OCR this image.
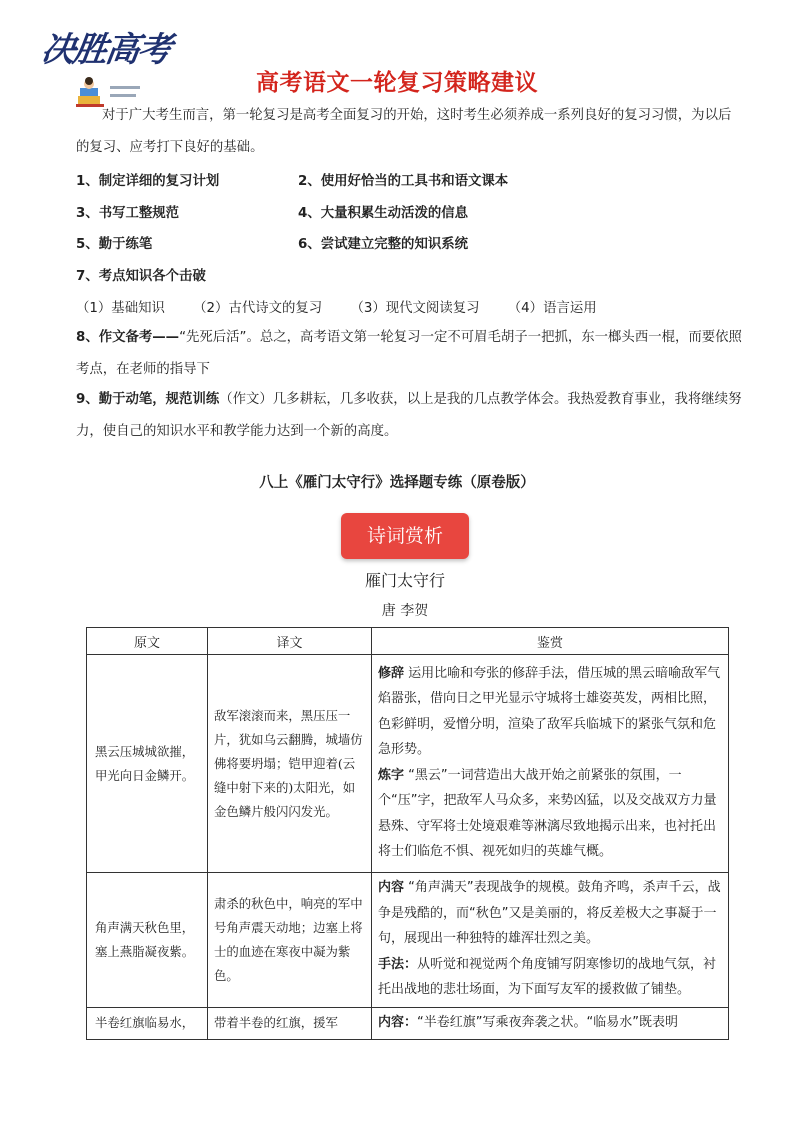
决胜高考
高考语文一轮复习策略建议

对于广大考生而言，第一轮复习是高考全面复习的开始，这时考生必须养成一系列良好的复习习惯，为以后的复习、应考打下良好的基础。

1、制定详细的复习计划	2、使用好恰当的工具书和语文课本
3、书写工整规范	4、大量积累生动活泼的信息
5、勤于练笔	6、尝试建立完整的知识系统
7、考点知识各个击破
（1）基础知识 （2）古代诗文的复习 （3）现代文阅读复习 （4）语言运用

8、作文备考——“先死后活”。总之，高考语文第一轮复习一定不可眉毛胡子一把抓，东一榔头西一棍，而要依照考点，在老师的指导下

9、勤于动笔，规范训练（作文）几多耕耘，几多收获，以上是我的几点教学体会。我热爱教育事业，我将继续努力，使自己的知识水平和教学能力达到一个新的高度。

八上《雁门太守行》选择题专练（原卷版）
诗词赏析
雁门太守行
唐 李贺
原文	译文	鉴赏
黑云压城城欲摧，甲光向日金鳞开。	敌军滚滚而来，黑压压一片，犹如乌云翻腾，城墙仿佛将要坍塌；铠甲迎着(云缝中射下来的)太阳光，如金色鳞片般闪闪发光。	修辞 运用比喻和夸张的修辞手法，借压城的黑云暗喻敌军气焰嚣张，借向日之甲光显示守城将士雄姿英发，两相比照，色彩鲜明，爱憎分明，渲染了敌军兵临城下的紧张气氛和危急形势。
炼字 “黑云”一词营造出大战开始之前紧张的氛围，一个“压”字，把敌军人马众多，来势凶猛，以及交战双方力量悬殊、守军将士处境艰难等淋漓尽致地揭示出来，也衬托出将士们临危不惧、视死如归的英雄气概。

角声满天秋色里，塞上燕脂凝夜紫。	肃杀的秋色中，响亮的军中号角声震天动地；边塞上将士的血迹在寒夜中凝为紫色。	内容 “角声满天”表现战争的规模。鼓角齐鸣，杀声千云，战争是残酷的，而“秋色”又是美丽的，将反差极大之事凝于一句，展现出一种独特的雄浑壮烈之美。
手法：从听觉和视觉两个角度铺写阴寒惨切的战地气氛，衬托出战地的悲壮场面，为下面写友军的援救做了铺垫。

半卷红旗临易水，	带着半卷的红旗，援军	内容：“半卷红旗”写乘夜奔袭之状。“临易水”既表明
